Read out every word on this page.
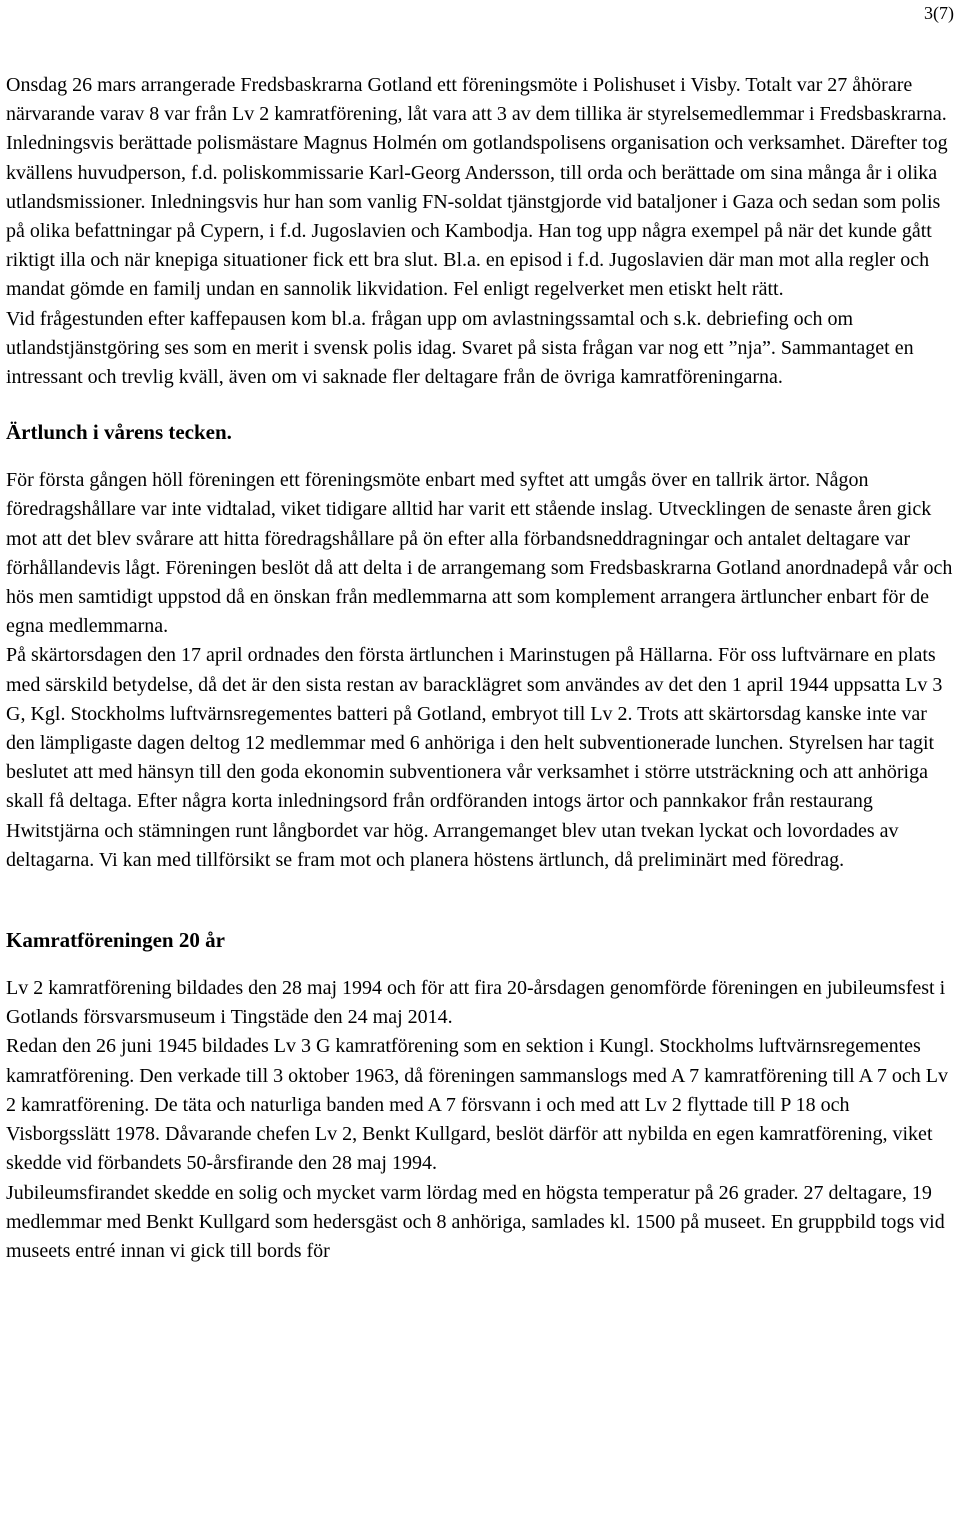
3(7)

Onsdag 26 mars arrangerade Fredsbaskrarna Gotland ett föreningsmöte i Polishuset i Visby. Totalt var 27 åhörare närvarande varav 8 var från Lv 2 kamratförening, låt vara att 3 av dem tillika är styrelsemedlemmar i Fredsbaskrarna. Inledningsvis berättade polismästare Magnus Holmén om gotlandspolisens organisation och verksamhet. Därefter tog kvällens huvudperson, f.d. poliskommissarie Karl-Georg Andersson, till orda och berättade om sina många år i olika utlandsmissioner. Inledningsvis hur han som vanlig FN-soldat tjänstgjorde vid bataljoner i Gaza och sedan som polis på olika befattningar på Cypern, i f.d. Jugoslavien och Kambodja. Han tog upp några exempel på när det kunde gått riktigt illa och när knepiga situationer fick ett bra slut. Bl.a. en episod i f.d. Jugoslavien där man mot alla regler och mandat gömde en familj undan en sannolik likvidation. Fel enligt regelverket men etiskt helt rätt.

Vid frågestunden efter kaffepausen kom bl.a. frågan upp om avlastningssamtal och s.k. debriefing och om utlandstjänstgöring ses som en merit i svensk polis idag. Svaret på sista frågan var nog ett ”nja”. Sammantaget en intressant och trevlig kväll, även om vi saknade fler deltagare från de övriga kamratföreningarna.

Ärtlunch i vårens tecken.

För första gången höll föreningen ett föreningsmöte enbart med syftet att umgås över en tallrik ärtor. Någon föredragshållare var inte vidtalad, viket tidigare alltid har varit ett stående inslag. Utvecklingen de senaste åren gick mot att det blev svårare att hitta föredragshållare på ön efter alla förbandsneddragningar och antalet deltagare var förhållandevis lågt. Föreningen beslöt då att delta i de arrangemang som Fredsbaskrarna Gotland anordnadepå vår och hös men samtidigt uppstod då en önskan från medlemmarna att som komplement arrangera ärtluncher enbart för de egna medlemmarna.

På skärtorsdagen den 17 april ordnades den första ärtlunchen i Marinstugen på Hällarna. För oss luftvärnare en plats med särskild betydelse, då det är den sista restan av baracklägret som användes av det den 1 april 1944 uppsatta Lv 3 G, Kgl. Stockholms luftvärnsregementes batteri på Gotland, embryot till Lv 2. Trots att skärtorsdag kanske inte var den lämpligaste dagen deltog 12 medlemmar med 6 anhöriga i den helt subventionerade lunchen. Styrelsen har tagit beslutet att med hänsyn till den goda ekonomin subventionera vår verksamhet i större utsträckning och att anhöriga skall få deltaga. Efter några korta inledningsord från ordföranden intogs ärtor och pannkakor från restaurang Hwitstjärna och stämningen runt långbordet var hög. Arrangemanget blev utan tvekan lyckat och lovordades av deltagarna. Vi kan med tillförsikt se fram mot och planera höstens ärtlunch, då preliminärt med föredrag.

Kamratföreningen 20 år

Lv 2 kamratförening bildades den 28 maj 1994 och för att fira 20-årsdagen genomförde föreningen en jubileumsfest i Gotlands försvarsmuseum i Tingstäde den 24 maj 2014.

Redan den 26 juni 1945 bildades Lv 3 G kamratförening som en sektion i Kungl. Stockholms luftvärnsregementes kamratförening. Den verkade till 3 oktober 1963, då föreningen sammanslogs med A 7 kamratförening till A 7 och Lv 2 kamratförening. De täta och naturliga banden med A 7 försvann i och med att Lv 2 flyttade till P 18 och Visborgsslätt 1978. Dåvarande chefen Lv 2, Benkt Kullgard, beslöt därför att nybilda en egen kamratförening, viket skedde vid förbandets 50-årsfirande den 28 maj 1994.

Jubileumsfirandet skedde en solig och mycket varm lördag med en högsta temperatur på 26 grader. 27 deltagare, 19 medlemmar med Benkt Kullgard som hedersgäst och 8 anhöriga, samlades kl. 1500 på museet. En gruppbild togs vid museets entré innan vi gick till bords för
